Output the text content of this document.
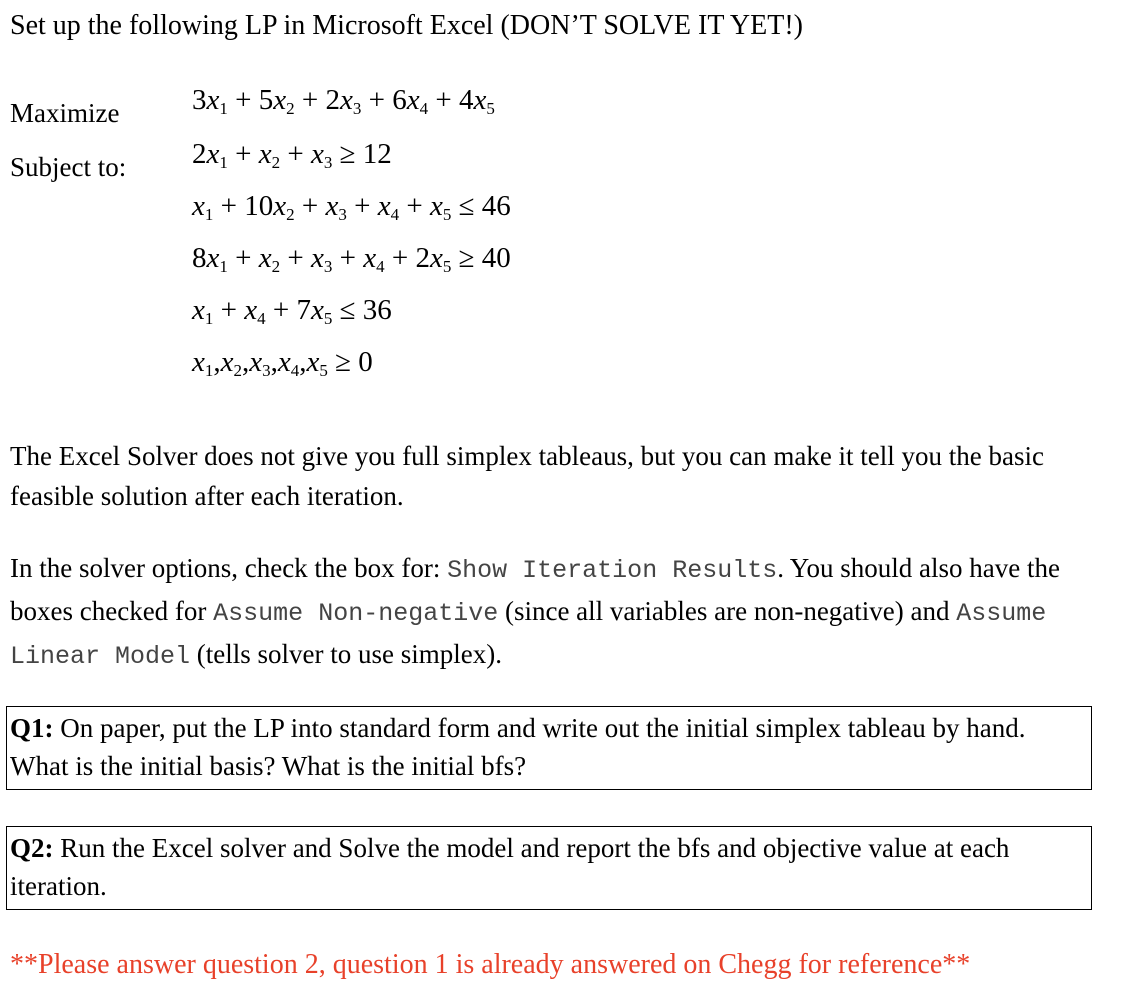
Set up the following LP in Microsoft Excel (DON’T SOLVE IT YET!)
Maximize
Subject to:
$3x_1 + 5x_2 + 2x_3 + 6x_4 + 4x_5$
$2x_1 + x_2 + x_3 \ge 12$
$x_1 + 10x_2 + x_3 + x_4 + x_5 \le 46$
$8x_1 + x_2 + x_3 + x_4 + 2x_5 \ge 40$
$x_1 + x_4 + 7x_5 \le 36$
$x_1,x_2,x_3,x_4,x_5 \ge 0$
The Excel Solver does not give you full simplex tableaus, but you can make it tell you the basic feasible solution after each iteration.
In the solver options, check the box for: Show Iteration Results. You should also have the boxes checked for Assume Non-negative (since all variables are non-negative) and Assume Linear Model (tells solver to use simplex).
Q1: On paper, put the LP into standard form and write out the initial simplex tableau by hand. What is the initial basis? What is the initial bfs?
Q2: Run the Excel solver and Solve the model and report the bfs and objective value at each iteration.
**Please answer question 2, question 1 is already answered on Chegg for reference**
